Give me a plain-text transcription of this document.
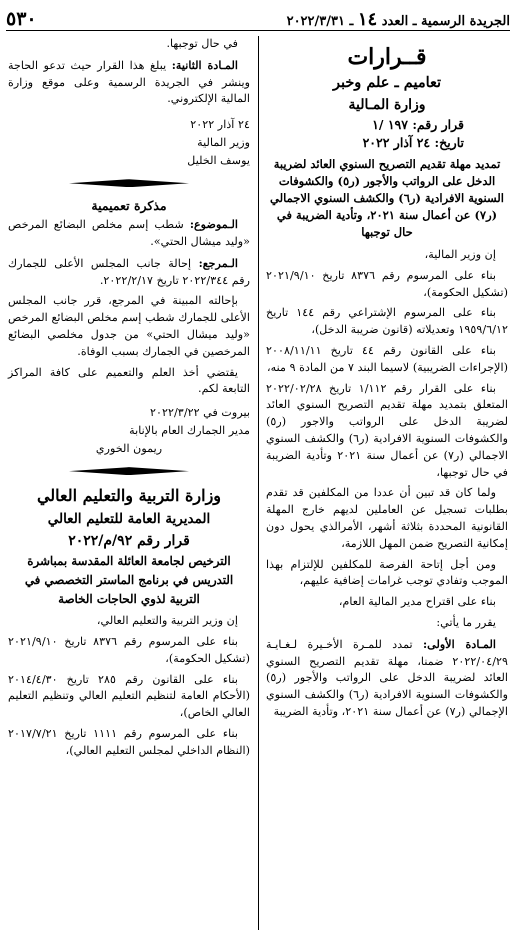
٥٣٠	الجريدة الرسمية ـ العدد ١٤ ـ ٢٠٢٢/٣/٣١
قــرارات
تعاميم ـ علم وخبر
وزارة المـالية
قرار رقم: ١٩٧ /١
تاريخ: ٢٤ آذار ٢٠٢٢
تمديد مهلة تقديم التصريح السنوي العائد لضريبة الدخل على الرواتب والأجور (ر٥) والكشوفات السنوية الافرادية (ر٦) والكشف السنوي الاجمالي (ر٧) عن أعمال سنة ٢٠٢١، وتأدية الضريبة في حال توجبها

إن وزير المالية،

بناء على المرسوم رقم ٨٣٧٦ تاريخ ٢٠٢١/٩/١٠ (تشكيل الحكومة)،

بناء على المرسوم الإشتراعي رقم ١٤٤ تاريخ ١٩٥٩/٦/١٢ وتعديلاته (قانون ضريبة الدخل)،

بناء على القانون رقم ٤٤ تاريخ ٢٠٠٨/١١/١١ (الإجراءات الضريبية) لاسيما البند ٧ من المادة ٩ منه،

بناء على القرار رقم ١/١١٢ تاريخ ٢٠٢٢/٠٢/٢٨ المتعلق بتمديد مهلة تقديم التصريح السنوي العائد لضريبة الدخل على الرواتب والاجور (ر٥) والكشوفات السنوية الافرادية (ر٦) والكشف السنوي الاجمالي (ر٧) عن أعمال سنة ٢٠٢١ وتأدية الضريبة في حال توجبها،

ولما كان قد تبين أن عددا من المكلفين قد تقدم بطلبات تسجيل عن العاملين لديهم خارج المهلة القانونية المحددة بثلاثة أشهر، الأمرالذي يحول دون إمكانية التصريح ضمن المهل اللازمة،

ومن أجل إتاحة الفرصة للمكلفين للإلتزام بهذا الموجب وتفادي توجب غرامات إضافية عليهم،

بناء على اقتراح مدير المالية العام،

يقرر ما يأتي:

المـادة الأولى: تمدد للمـرة الأخـيرة لـغـايـة ٢٠٢٢/٠٤/٢٩ ضمنا، مهلة تقديم التصريح السنوي العائد لضريبة الدخل على الرواتب والأجور (ر٥) والكشوفات السنوية الافرادية (ر٦) والكشف السنوي الإجمالي (ر٧) عن أعمال سنة ٢٠٢١، وتأدية الضريبة

في حال توجبها.

المـادة الثانية: يبلغ هذا القرار حيث تدعو الحاجة وينشر في الجريدة الرسمية وعلى موقع وزارة المالية الإلكتروني.

٢٤ آذار ٢٠٢٢

وزير المالية

يوسف الخليل

مذكرة تعميمية

الـموضوع: شطب إسم مخلص البضائع المرخص «وليد ميشال الحتي».

الـمرجع: إحالة جانب المجلس الأعلى للجمارك رقم ٢٠٢٢/٣٤٤ تاريخ ٢٠٢٢/٢/١٧.

بإحالته المبينة في المرجع، قرر جانب المجلس الأعلى للجمارك شطب إسم مخلص البضائع المرخص «وليد ميشال الحتي» من جدول مخلصي البضائع المرخصين في الجمارك بسبب الوفاة.

يقتضي أخذ العلم والتعميم على كافة المراكز التابعة لكم.

بيروت في ٢٠٢٢/٣/٢٢

مدير الجمارك العام بالإنابة

ريمون الخوري

وزارة التربية والتعليم العالي
المديرية العامة للتعليم العالي
قرار رقم ٩٢/م/٢٠٢٢
الترخيص لجامعة العائلة المقدسة بمباشرة التدريس في برنامج الماستر التخصصي في التربية لذوي الحاجات الخاصة

إن وزير التربية والتعليم العالي،

بناء على المرسوم رقم ٨٣٧٦ تاريخ ٢٠٢١/٩/١٠ (تشكيل الحكومة)،

بناء على القانون رقم ٢٨٥ تاريخ ٢٠١٤/٤/٣٠ (الأحكام العامة لتنظيم التعليم العالي وتنظيم التعليم العالي الخاص)،

بناء على المرسوم رقم ١١١١ تاريخ ٢٠١٧/٧/٢١ (النظام الداخلي لمجلس التعليم العالي)،
